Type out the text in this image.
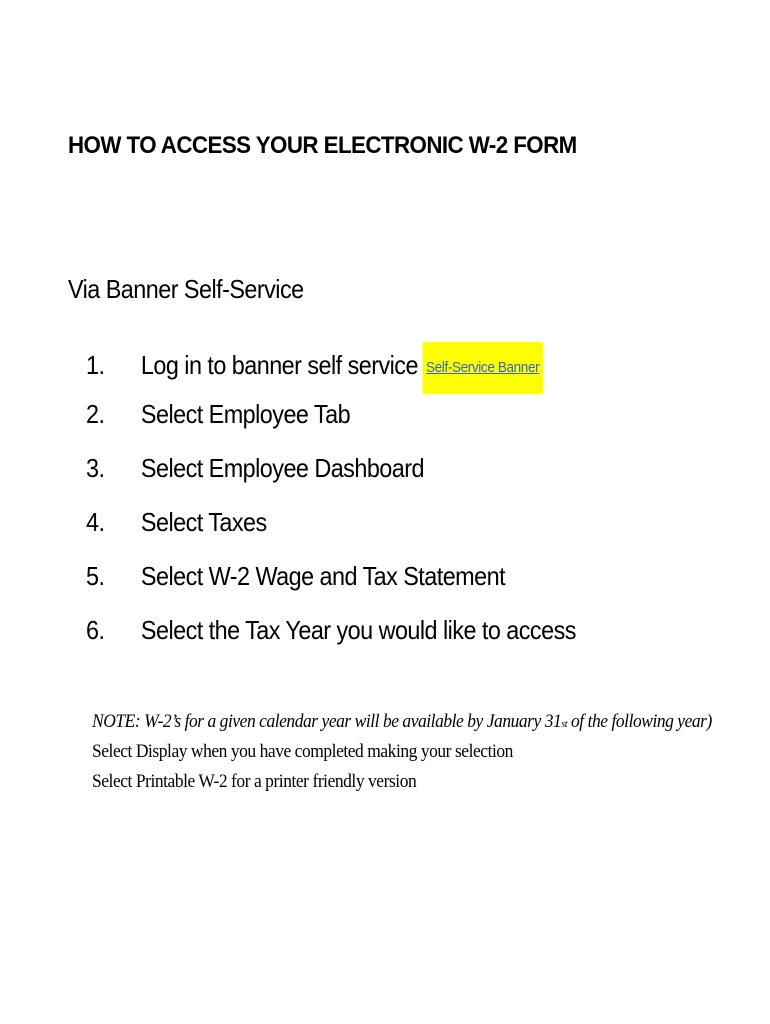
HOW TO ACCESS YOUR ELECTRONIC W-2 FORM
Via Banner Self-Service
1. Log in to banner self service Self-Service Banner
2. Select Employee Tab
3. Select Employee Dashboard
4. Select Taxes
5. Select W-2 Wage and Tax Statement
6. Select the Tax Year you would like to access
NOTE: W-2’s for a given calendar year will be available by January 31st of the following year)
Select Display when you have completed making your selection
Select Printable W-2 for a printer friendly version
